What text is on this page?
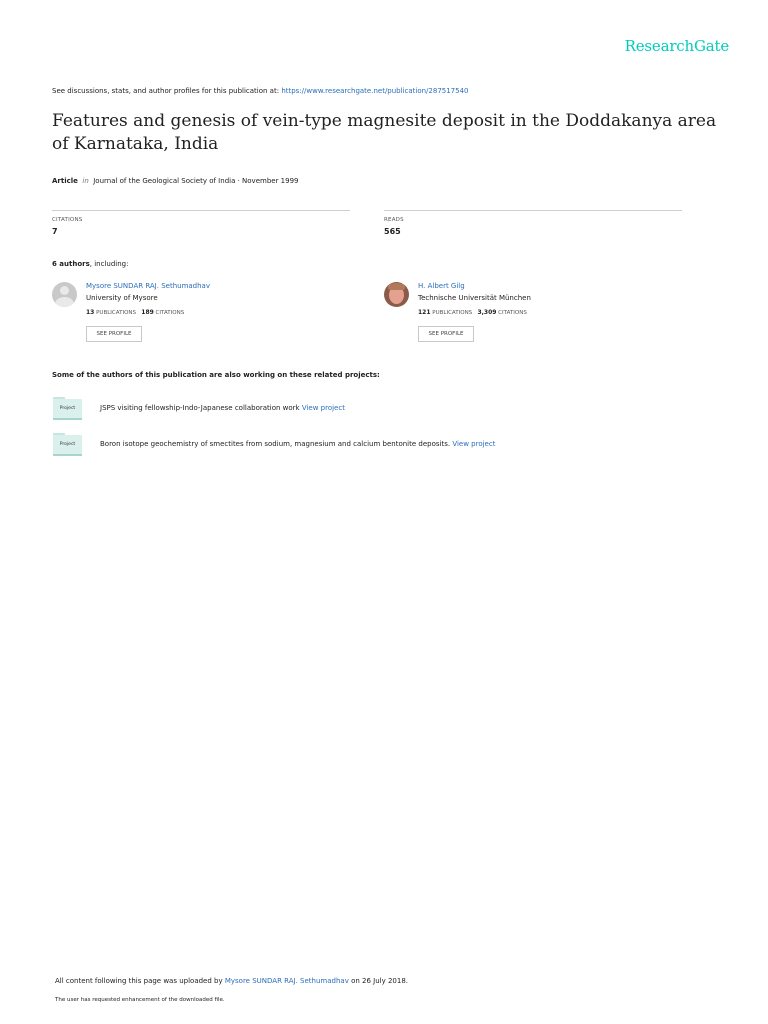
ResearchGate
See discussions, stats, and author profiles for this publication at: https://www.researchgate.net/publication/287517540
Features and genesis of vein-type magnesite deposit in the Doddakanya area of Karnataka, India
Article in Journal of the Geological Society of India · November 1999
CITATIONS
7
READS
565
6 authors, including:
Mysore SUNDAR RAJ. Sethumadhav
University of Mysore
13 PUBLICATIONS 189 CITATIONS
SEE PROFILE
H. Albert Gilg
Technische Universität München
121 PUBLICATIONS 3,309 CITATIONS
SEE PROFILE
Some of the authors of this publication are also working on these related projects:
Project	JSPS visiting fellowship-Indo-Japanese collaboration work View project
Project	Boron isotope geochemistry of smectites from sodium, magnesium and calcium bentonite deposits. View project
All content following this page was uploaded by Mysore SUNDAR RAJ. Sethumadhav on 26 July 2018.
The user has requested enhancement of the downloaded file.
